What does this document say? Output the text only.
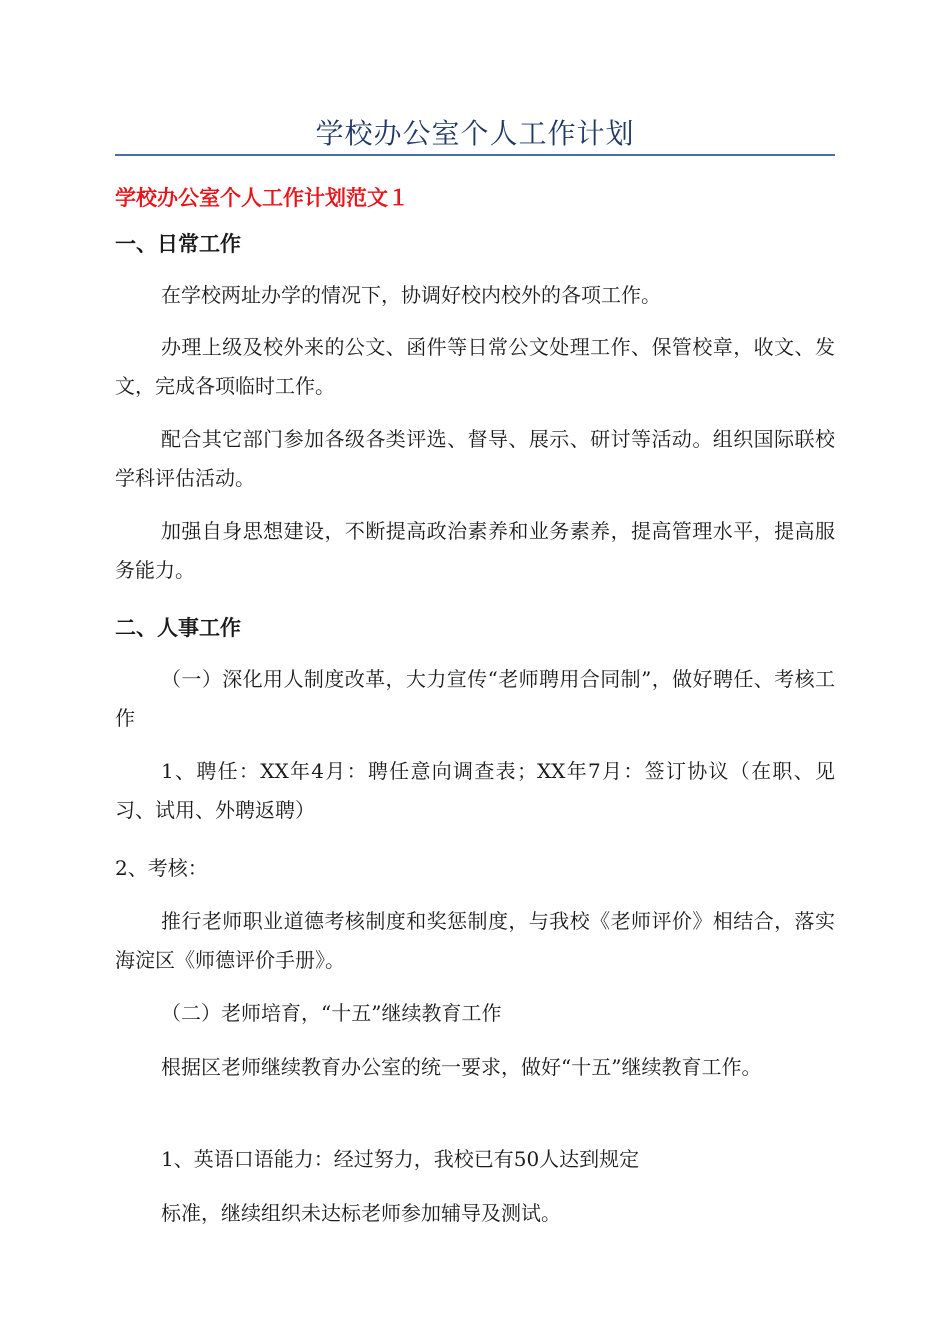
学校办公室个人工作计划
学校办公室个人工作计划范文１
一、日常工作

在学校两址办学的情况下，协调好校内校外的各项工作。

办理上级及校外来的公文、函件等日常公文处理工作、保管校章，收文、发文，完成各项临时工作。

配合其它部门参加各级各类评选、督导、展示、研讨等活动。组织国际联校学科评估活动。

加强自身思想建设，不断提高政治素养和业务素养，提高管理水平，提高服务能力。

二、人事工作

（一）深化用人制度改革，大力宣传“老师聘用合同制”，做好聘任、考核工作

1、聘任：XX年4月：聘任意向调查表；XX年7月：签订协议（在职、见习、试用、外聘返聘）

2、考核：

推行老师职业道德考核制度和奖惩制度，与我校《老师评价》相结合，落实海淀区《师德评价手册》。

（二）老师培育，“十五”继续教育工作

根据区老师继续教育办公室的统一要求，做好“十五”继续教育工作。

1、英语口语能力：经过努力，我校已有50人达到规定

标准，继续组织未达标老师参加辅导及测试。
